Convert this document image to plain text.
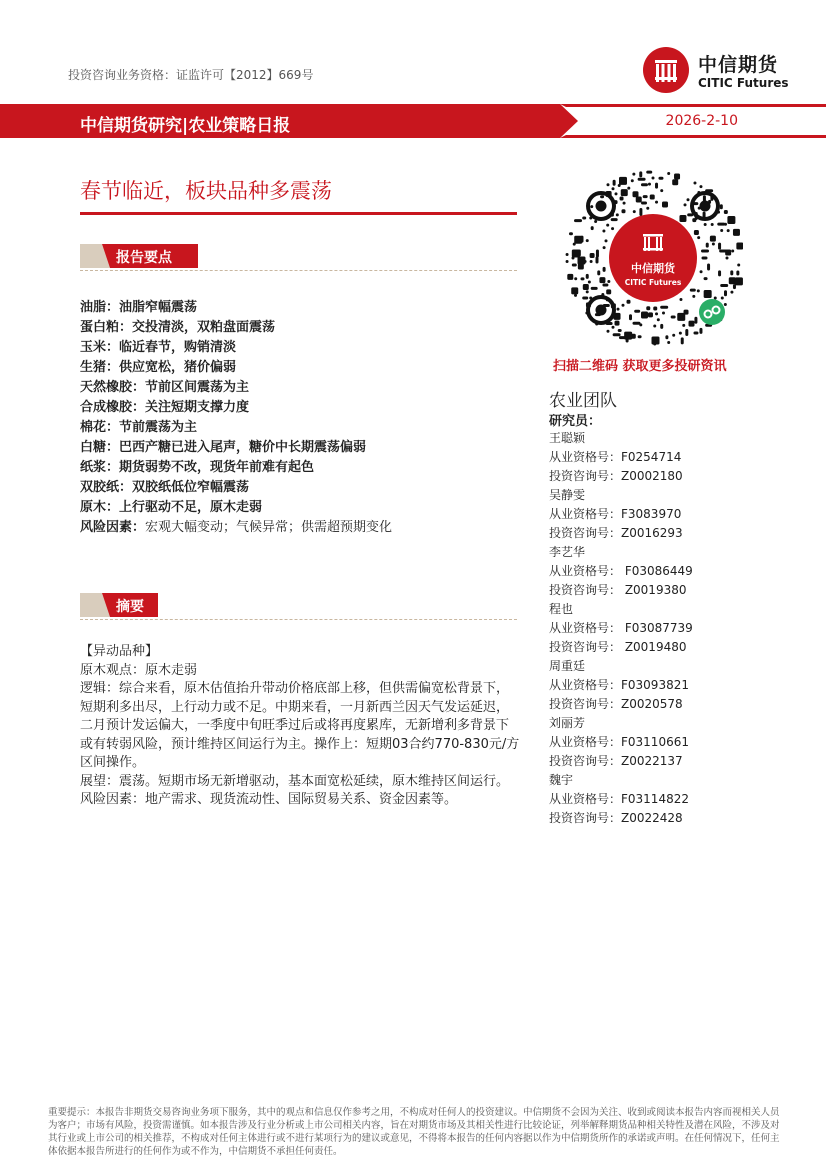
投资咨询业务资格：证监许可【2012】669号	中信期货
CITIC Futures
中信期货研究|农业策略日报	2026-2-10
春节临近，板块品种多震荡
报告要点
油脂：油脂窄幅震荡
蛋白粕：交投清淡，双粕盘面震荡
玉米：临近春节，购销清淡
生猪：供应宽松，猪价偏弱
天然橡胶：节前区间震荡为主
合成橡胶：关注短期支撑力度
棉花：节前震荡为主
白糖：巴西产糖已进入尾声，糖价中长期震荡偏弱
纸浆：期货弱势不改，现货年前难有起色
双胶纸：双胶纸低位窄幅震荡
原木：上行驱动不足，原木走弱
风险因素：宏观大幅变动；气候异常；供需超预期变化
摘要

【异动品种】

原木观点：原木走弱

逻辑：综合来看，原木估值抬升带动价格底部上移，但供需偏宽松背景下，短期利多出尽，上行动力或不足。中期来看，一月新西兰因天气发运延迟，二月预计发运偏大，一季度中旬旺季过后或将再度累库，无新增利多背景下或有转弱风险，预计维持区间运行为主。操作上：短期03合约770-830元/方区间操作。

展望：震荡。短期市场无新增驱动，基本面宽松延续，原木维持区间运行。

风险因素：地产需求、现货流动性、国际贸易关系、资金因素等。

中信期货
CITIC Futures
扫描二维码 获取更多投研资讯
农业团队
研究员：
王聪颖
从业资格号：F0254714
投资咨询号：Z0002180
吴静雯
从业资格号：F3083970
投资咨询号：Z0016293
李艺华
从业资格号： F03086449
投资咨询号： Z0019380
程也
从业资格号： F03087739
投资咨询号： Z0019480
周重廷
从业资格号：F03093821
投资咨询号：Z0020578
刘丽芳
从业资格号：F03110661
投资咨询号：Z0022137
魏宇
从业资格号：F03114822
投资咨询号：Z0022428
重要提示：本报告非期货交易咨询业务项下服务，其中的观点和信息仅作参考之用，不构成对任何人的投资建议。中信期货不会因为关注、收到或阅读本报告内容而视相关人员为客户；市场有风险，投资需谨慎。如本报告涉及行业分析或上市公司相关内容，旨在对期货市场及其相关性进行比较论证，列举解释期货品种相关特性及潜在风险，不涉及对其行业或上市公司的相关推荐，不构成对任何主体进行或不进行某项行为的建议或意见，不得将本报告的任何内容据以作为中信期货所作的承诺或声明。在任何情况下，任何主体依据本报告所进行的任何作为或不作为，中信期货不承担任何责任。
